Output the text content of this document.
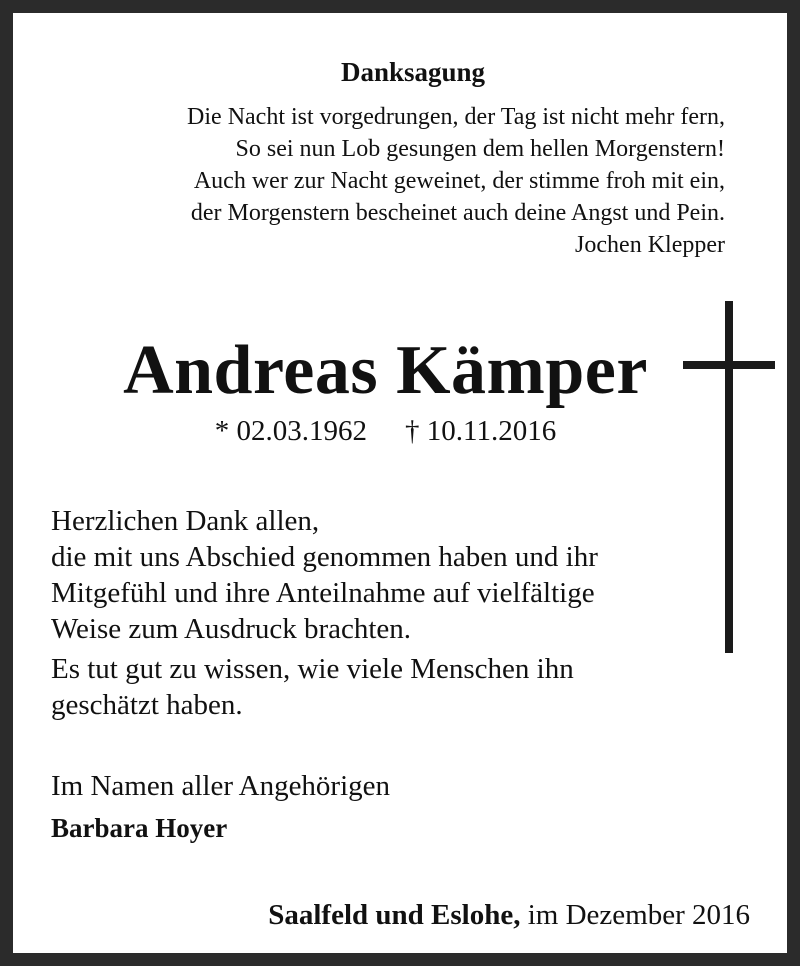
Danksagung
Die Nacht ist vorgedrungen, der Tag ist nicht mehr fern,
So sei nun Lob gesungen dem hellen Morgenstern!
Auch wer zur Nacht geweinet, der stimme froh mit ein,
der Morgenstern bescheinet auch deine Angst und Pein.
Jochen Klepper
Andreas Kämper
* 02.03.1962 † 10.11.2016
Herzlichen Dank allen,
die mit uns Abschied genommen haben und ihr
Mitgefühl und ihre Anteilnahme auf vielfältige
Weise zum Ausdruck brachten.
Es tut gut zu wissen, wie viele Menschen ihn
geschätzt haben.
Im Namen aller Angehörigen
Barbara Hoyer
Saalfeld und Eslohe, im Dezember 2016
